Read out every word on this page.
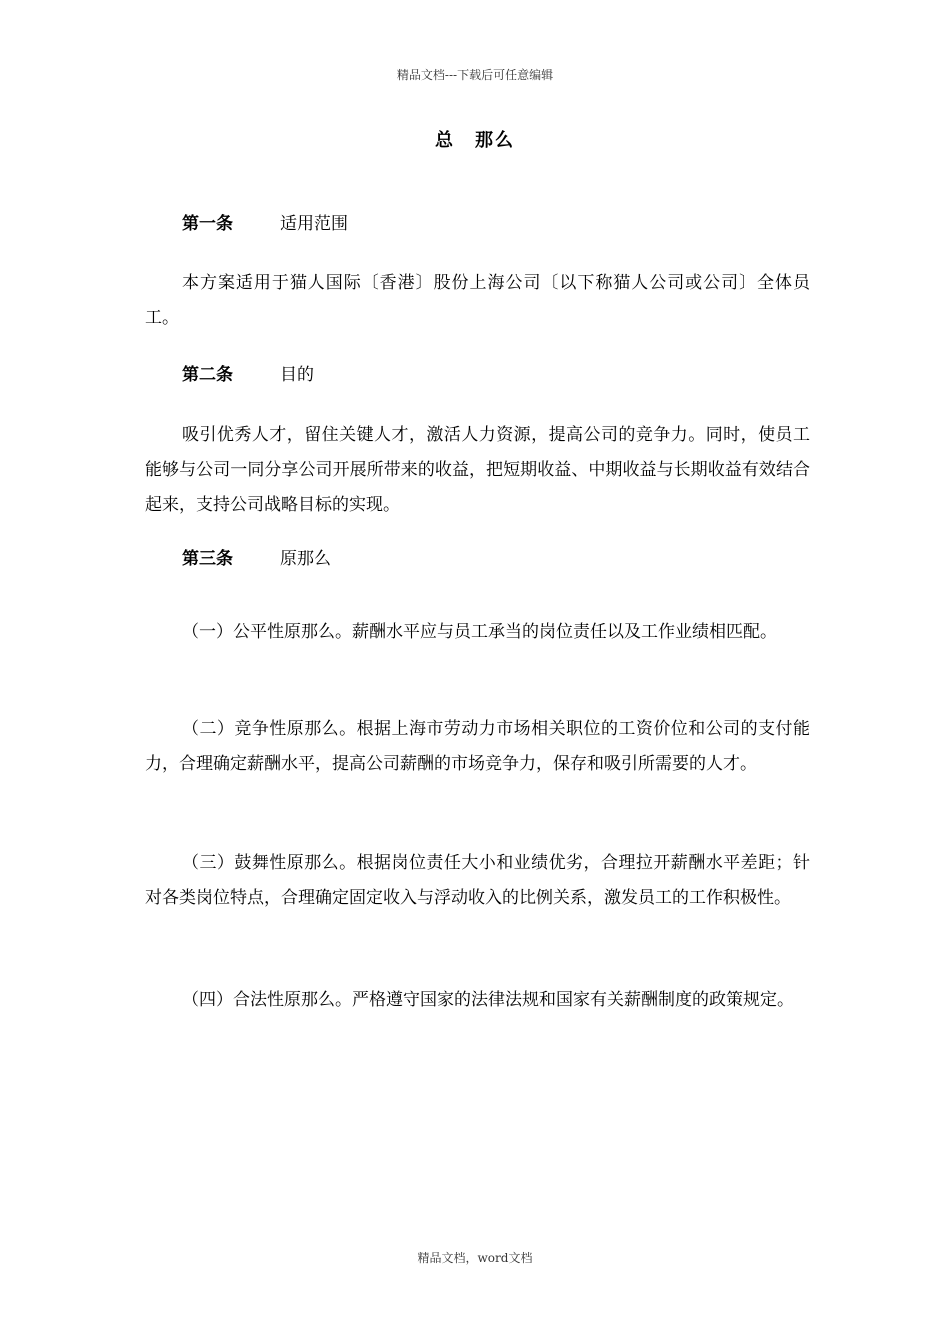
精品文档---下载后可任意编辑
总 那么
第一条	适用范围

本方案适用于猫人国际〔香港〕股份上海公司〔以下称猫人公司或公司〕全体员工。

第二条	目的

吸引优秀人才，留住关键人才，激活人力资源，提高公司的竞争力。同时，使员工能够与公司一同分享公司开展所带来的收益，把短期收益、中期收益与长期收益有效结合起来，支持公司战略目标的实现。

第三条	原那么

（一）公平性原那么。薪酬水平应与员工承当的岗位责任以及工作业绩相匹配。

（二）竞争性原那么。根据上海市劳动力市场相关职位的工资价位和公司的支付能力，合理确定薪酬水平，提高公司薪酬的市场竞争力，保存和吸引所需要的人才。

（三）鼓舞性原那么。根据岗位责任大小和业绩优劣，合理拉开薪酬水平差距；针对各类岗位特点，合理确定固定收入与浮动收入的比例关系，激发员工的工作积极性。

（四）合法性原那么。严格遵守国家的法律法规和国家有关薪酬制度的政策规定。

精品文档，word文档
